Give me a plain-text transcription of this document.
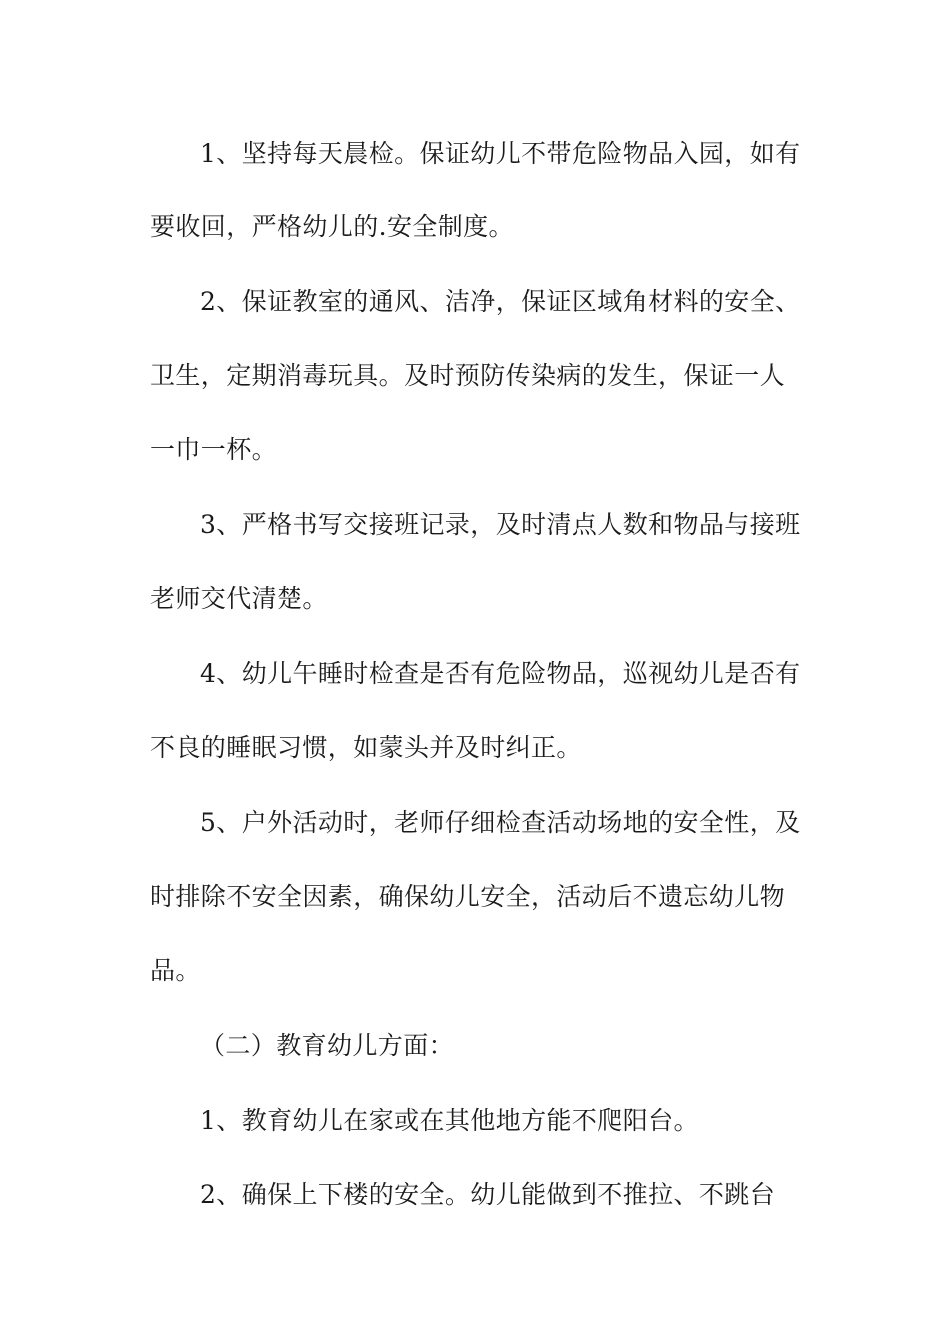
1、坚持每天晨检。保证幼儿不带危险物品入园，如有

要收回，严格幼儿的.安全制度。

2、保证教室的通风、洁净，保证区域角材料的安全、

卫生，定期消毒玩具。及时预防传染病的发生，保证一人

一巾一杯。

3、严格书写交接班记录，及时清点人数和物品与接班

老师交代清楚。

4、幼儿午睡时检查是否有危险物品，巡视幼儿是否有

不良的睡眠习惯，如蒙头并及时纠正。

5、户外活动时，老师仔细检查活动场地的安全性，及

时排除不安全因素，确保幼儿安全，活动后不遗忘幼儿物

品。

（二）教育幼儿方面：

1、教育幼儿在家或在其他地方能不爬阳台。

2、确保上下楼的安全。幼儿能做到不推拉、不跳台
